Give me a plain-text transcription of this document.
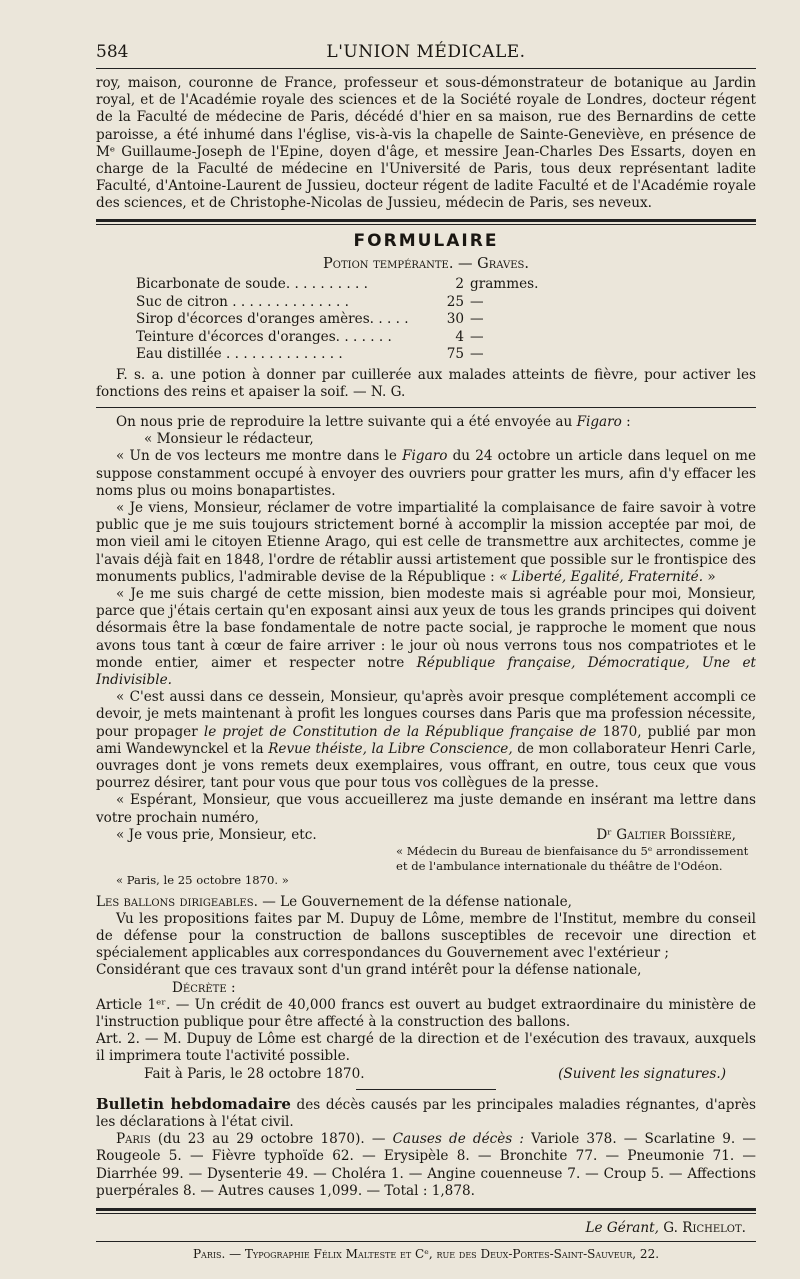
584	L'UNION MÉDICALE.

roy, maison, couronne de France, professeur et sous-démonstrateur de botanique au Jardin royal, et de l'Académie royale des sciences et de la Société royale de Londres, docteur régent de la Faculté de médecine de Paris, décédé d'hier en sa maison, rue des Bernardins de cette paroisse, a été inhumé dans l'église, vis-à-vis la chapelle de Sainte-Geneviève, en présence de Mᵉ Guillaume-Joseph de l'Epine, doyen d'âge, et messire Jean-Charles Des Essarts, doyen en charge de la Faculté de médecine en l'Université de Paris, tous deux représentant ladite Faculté, d'Antoine-Laurent de Jussieu, docteur régent de ladite Faculté et de l'Académie royale des sciences, et de Christophe-Nicolas de Jussieu, médecin de Paris, ses neveux.

FORMULAIRE
Potion tempérante. — Graves.
Bicarbonate de soude. . . . . . . . . .	2	grammes.
Suc de citron . . . . . . . . . . . . . .	25	—
Sirop d'écorces d'oranges amères. . . . .	30	—
Teinture d'écorces d'oranges. . . . . . .	4	—
Eau distillée . . . . . . . . . . . . . .	75	—

F. s. a. une potion à donner par cuillerée aux malades atteints de fièvre, pour activer les fonctions des reins et apaiser la soif. — N. G.

On nous prie de reproduire la lettre suivante qui a été envoyée au Figaro :

« Monsieur le rédacteur,

« Un de vos lecteurs me montre dans le Figaro du 24 octobre un article dans lequel on me suppose constamment occupé à envoyer des ouvriers pour gratter les murs, afin d'y effacer les noms plus ou moins bonapartistes.

« Je viens, Monsieur, réclamer de votre impartialité la complaisance de faire savoir à votre public que je me suis toujours strictement borné à accomplir la mission acceptée par moi, de mon vieil ami le citoyen Etienne Arago, qui est celle de transmettre aux architectes, comme je l'avais déjà fait en 1848, l'ordre de rétablir aussi artistement que possible sur le frontispice des monuments publics, l'admirable devise de la République : « Liberté, Egalité, Fraternité. »

« Je me suis chargé de cette mission, bien modeste mais si agréable pour moi, Monsieur, parce que j'étais certain qu'en exposant ainsi aux yeux de tous les grands principes qui doivent désormais être la base fondamentale de notre pacte social, je rapproche le moment que nous avons tous tant à cœur de faire arriver : le jour où nous verrons tous nos compatriotes et le monde entier, aimer et respecter notre République française, Démocratique, Une et Indivisible.

« C'est aussi dans ce dessein, Monsieur, qu'après avoir presque complétement accompli ce devoir, je mets maintenant à profit les longues courses dans Paris que ma profession nécessite, pour propager le projet de Constitution de la République française de 1870, publié par mon ami Wandewynckel et la Revue théiste, la Libre Conscience, de mon collaborateur Henri Carle, ouvrages dont je vons remets deux exemplaires, vous offrant, en outre, tous ceux que vous pourrez désirer, tant pour vous que pour tous vos collègues de la presse.

« Espérant, Monsieur, que vous accueillerez ma juste demande en insérant ma lettre dans votre prochain numéro,

« Je vous prie, Monsieur, etc.	Dʳ Galtier Boissière,

« Médecin du Bureau de bienfaisance du 5ᵉ arrondissement et de l'ambulance internationale du théâtre de l'Odéon.

« Paris, le 25 octobre 1870. »

Les ballons dirigeables. — Le Gouvernement de la défense nationale,

Vu les propositions faites par M. Dupuy de Lôme, membre de l'Institut, membre du conseil de défense pour la construction de ballons susceptibles de recevoir une direction et spécialement applicables aux correspondances du Gouvernement avec l'extérieur ;

Considérant que ces travaux sont d'un grand intérêt pour la défense nationale,

Décrète :

Article 1ᵉʳ. — Un crédit de 40,000 francs est ouvert au budget extraordinaire du ministère de l'instruction publique pour être affecté à la construction des ballons.

Art. 2. — M. Dupuy de Lôme est chargé de la direction et de l'exécution des travaux, auxquels il imprimera toute l'activité possible.

Fait à Paris, le 28 octobre 1870.	(Suivent les signatures.)

Bulletin hebdomadaire des décès causés par les principales maladies régnantes, d'après les déclarations à l'état civil.

Paris (du 23 au 29 octobre 1870). — Causes de décès : Variole 378. — Scarlatine 9. — Rougeole 5. — Fièvre typhoïde 62. — Erysipèle 8. — Bronchite 77. — Pneumonie 71. — Diarrhée 99. — Dysenterie 49. — Choléra 1. — Angine couenneuse 7. — Croup 5. — Affections puerpérales 8. — Autres causes 1,099. — Total : 1,878.

Le Gérant, G. Richelot.

Paris. — Typographie Félix Malteste et Cᵉ, rue des Deux-Portes-Saint-Sauveur, 22.
